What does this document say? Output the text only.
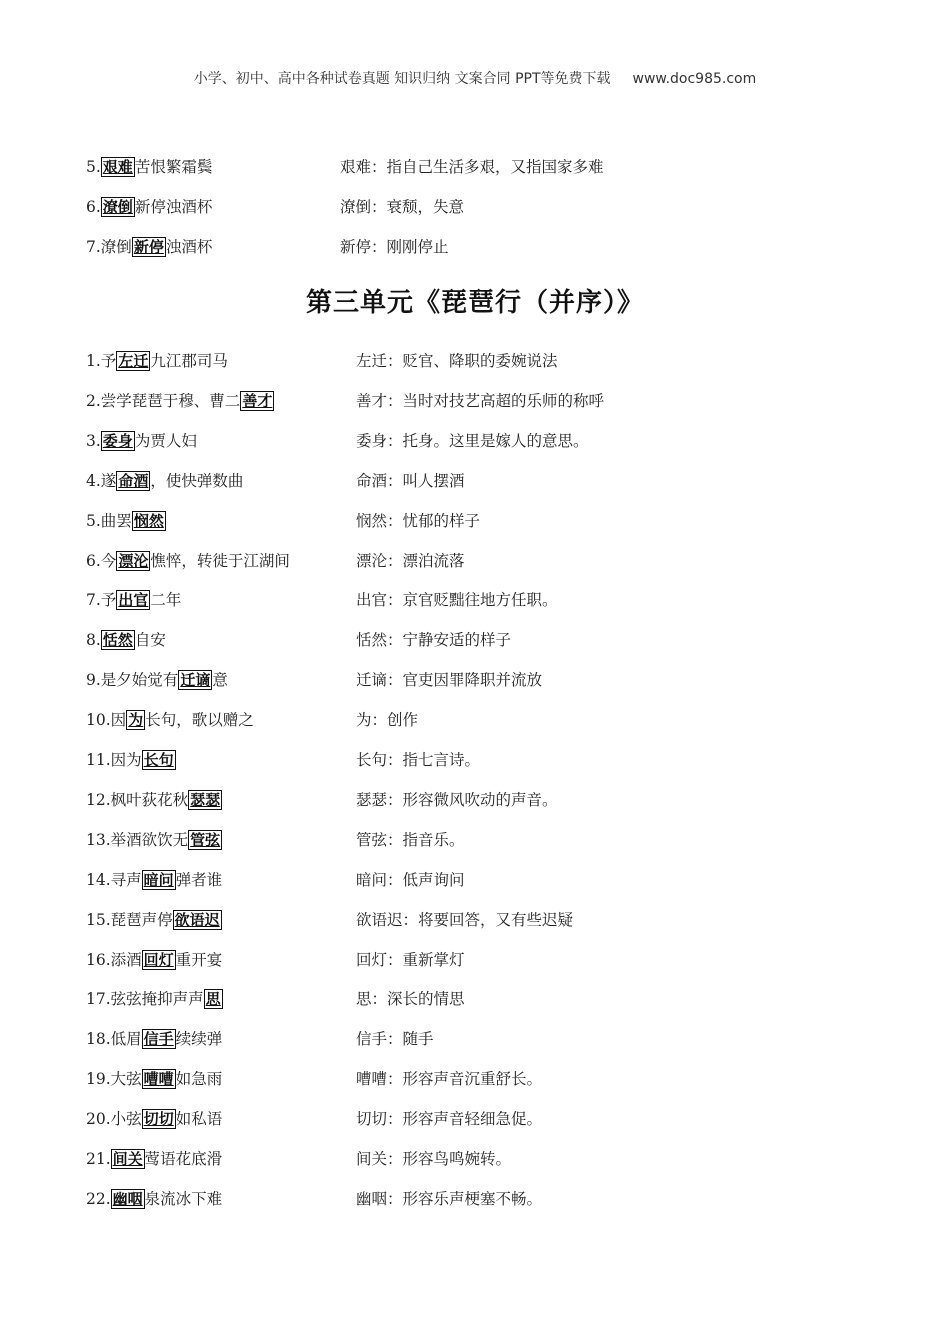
小学、初中、高中各种试卷真题 知识归纳 文案合同 PPT等免费下载 www.doc985.com
5. 艰难 苦恨繁霜鬓	艰难：指自己生活多艰，又指国家多难
6. 潦倒 新停浊酒杯	潦倒：衰颓，失意
7.潦倒 新停 浊酒杯	新停：刚刚停止
第三单元《琵琶行（并序）》
1.予 左迁 九江郡司马	左迁：贬官、降职的委婉说法
2.尝学琵琶于穆、曹二 善才	善才：当时对技艺高超的乐师的称呼
3. 委身 为贾人妇	委身：托身。这里是嫁人的意思。
4.遂 命酒 ，使快弹数曲	命酒：叫人摆酒
5.曲罢 悯然	悯然：忧郁的样子
6.今 漂沦 憔悴，转徙于江湖间	漂沦：漂泊流落
7.予 出官 二年	出官：京官贬黜往地方任职。
8. 恬然 自安	恬然：宁静安适的样子
9.是夕始觉有 迁谪 意	迁谪：官吏因罪降职并流放
10.因 为 长句，歌以赠之	为：创作
11.因为 长句	长句：指七言诗。
12.枫叶荻花秋 瑟瑟	瑟瑟：形容微风吹动的声音。
13.举酒欲饮无 管弦	管弦：指音乐。
14.寻声 暗问 弹者谁	暗问：低声询问
15.琵琶声停 欲语迟	欲语迟：将要回答，又有些迟疑
16.添酒 回灯 重开宴	回灯：重新掌灯
17.弦弦掩抑声声 思	思：深长的情思
18.低眉 信手 续续弹	信手：随手
19.大弦 嘈嘈 如急雨	嘈嘈：形容声音沉重舒长。
20.小弦 切切 如私语	切切：形容声音轻细急促。
21. 间关 莺语花底滑	间关：形容鸟鸣婉转。
22. 幽咽 泉流冰下难	幽咽：形容乐声梗塞不畅。
